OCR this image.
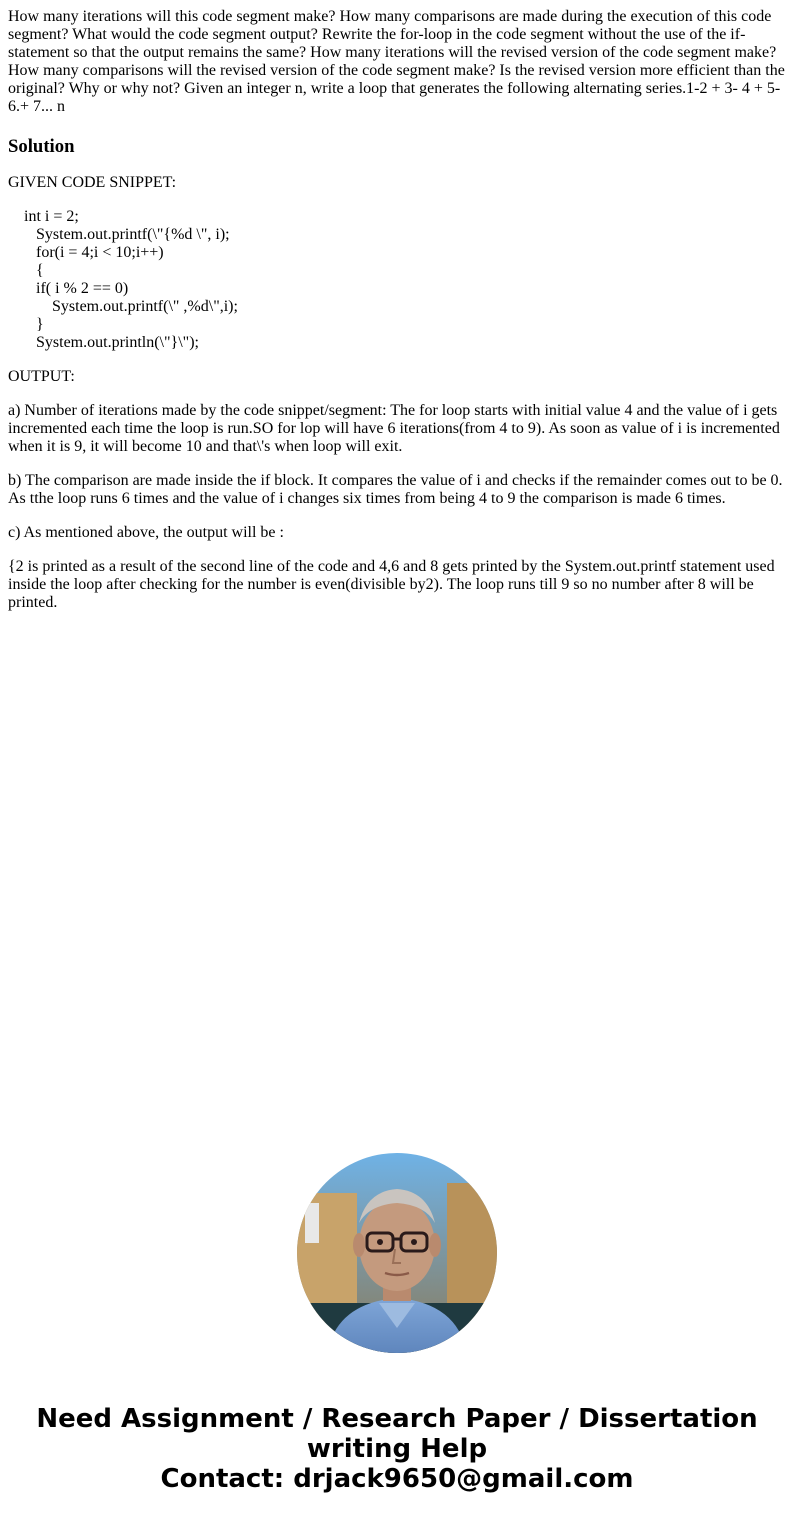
How many iterations will this code segment make? How many comparisons are made during the execution of this code segment? What would the code segment output? Rewrite the for-loop in the code segment without the use of the if-statement so that the output remains the same? How many iterations will the revised version of the code segment make? How many comparisons will the revised version of the code segment make? Is the revised version more efficient than the original? Why or why not? Given an integer n, write a loop that generates the following alternating series.1-2 + 3- 4 + 5- 6.+ 7... n

Solution

GIVEN CODE SNIPPET:

int i = 2;
System.out.printf(\"{%d \", i);
for(i = 4;i < 10;i++)
{
if( i % 2 == 0)
System.out.printf(\" ,%d\",i);
}
System.out.println(\"}\");

OUTPUT:

a) Number of iterations made by the code snippet/segment: The for loop starts with initial value 4 and the value of i gets incremented each time the loop is run.SO for lop will have 6 iterations(from 4 to 9). As soon as value of i is incremented when it is 9, it will become 10 and that\'s when loop will exit.

b) The comparison are made inside the if block. It compares the value of i and checks if the remainder comes out to be 0. As tthe loop runs 6 times and the value of i changes six times from being 4 to 9 the comparison is made 6 times.

c) As mentioned above, the output will be :

{2 is printed as a result of the second line of the code and 4,6 and 8 gets printed by the System.out.printf statement used inside the loop after checking for the number is even(divisible by2). The loop runs till 9 so no number after 8 will be printed.

Need Assignment / Research Paper / Dissertation
writing Help
Contact: drjack9650@gmail.com
